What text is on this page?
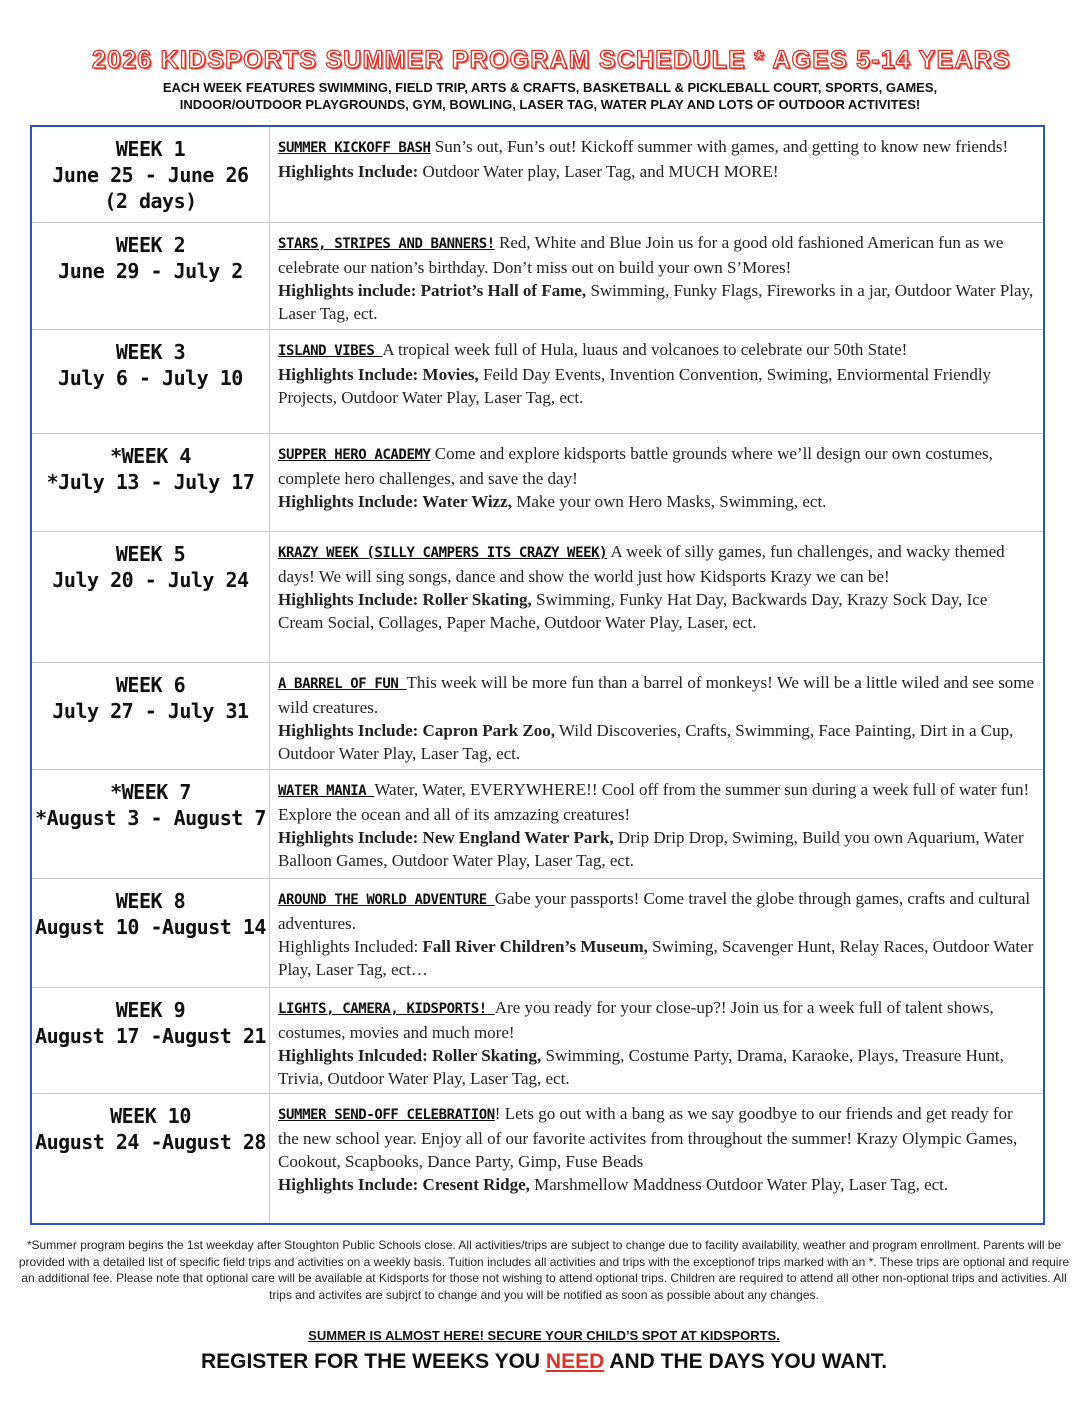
2026 KIDSPORTS SUMMER PROGRAM SCHEDULE * AGES 5-14 YEARS
EACH WEEK FEATURES SWIMMING, FIELD TRIP, ARTS & CRAFTS, BASKETBALL & PICKLEBALL COURT, SPORTS, GAMES,
INDOOR/OUTDOOR PLAYGROUNDS, GYM, BOWLING, LASER TAG, WATER PLAY AND LOTS OF OUTDOOR ACTIVITES!
WEEK 1
June 25 - June 26
(2 days)
SUMMER KICKOFF BASH Sun’s out, Fun’s out! Kickoff summer with games, and getting to know new friends!
Highlights Include: Outdoor Water play, Laser Tag, and MUCH MORE!
WEEK 2
June 29 - July 2
STARS, STRIPES AND BANNERS! Red, White and Blue Join us for a good old fashioned American fun as we celebrate our nation’s birthday. Don’t miss out on build your own S’Mores!
Highlights include: Patriot’s Hall of Fame, Swimming, Funky Flags, Fireworks in a jar, Outdoor Water Play, Laser Tag, ect.
WEEK 3
July 6 - July 10
ISLAND VIBES A tropical week full of Hula, luaus and volcanoes to celebrate our 50th State!
Highlights Include: Movies, Feild Day Events, Invention Convention, Swiming, Enviormental Friendly Projects, Outdoor Water Play, Laser Tag, ect.
*WEEK 4
*July 13 - July 17
SUPPER HERO ACADEMY Come and explore kidsports battle grounds where we’ll design our own costumes, complete hero challenges, and save the day!
Highlights Include: Water Wizz, Make your own Hero Masks, Swimming, ect.
WEEK 5
July 20 - July 24
KRAZY WEEK (SILLY CAMPERS ITS CRAZY WEEK) A week of silly games, fun challenges, and wacky themed days! We will sing songs, dance and show the world just how Kidsports Krazy we can be!
Highlights Include: Roller Skating, Swimming, Funky Hat Day, Backwards Day, Krazy Sock Day, Ice Cream Social, Collages, Paper Mache, Outdoor Water Play, Laser, ect.
WEEK 6
July 27 - July 31
A BARREL OF FUN This week will be more fun than a barrel of monkeys! We will be a little wiled and see some wild creatures.
Highlights Include: Capron Park Zoo, Wild Discoveries, Crafts, Swimming, Face Painting, Dirt in a Cup, Outdoor Water Play, Laser Tag, ect.
*WEEK 7
*August 3 - August 7
WATER MANIA Water, Water, EVERYWHERE!! Cool off from the summer sun during a week full of water fun! Explore the ocean and all of its amzazing creatures!
Highlights Include: New England Water Park, Drip Drip Drop, Swiming, Build you own Aquarium, Water Balloon Games, Outdoor Water Play, Laser Tag, ect.
WEEK 8
August 10 -August 14
AROUND THE WORLD ADVENTURE Gabe your passports! Come travel the globe through games, crafts and cultural adventures.
Highlights Included: Fall River Children’s Museum, Swiming, Scavenger Hunt, Relay Races, Outdoor Water Play, Laser Tag, ect…
WEEK 9
August 17 -August 21
LIGHTS, CAMERA, KIDSPORTS! Are you ready for your close-up?! Join us for a week full of talent shows, costumes, movies and much more!
Highlights Inlcuded: Roller Skating, Swimming, Costume Party, Drama, Karaoke, Plays, Treasure Hunt, Trivia, Outdoor Water Play, Laser Tag, ect.
WEEK 10
August 24 -August 28
SUMMER SEND-OFF CELEBRATION! Lets go out with a bang as we say goodbye to our friends and get ready for the new school year. Enjoy all of our favorite activites from throughout the summer! Krazy Olympic Games, Cookout, Scapbooks, Dance Party, Gimp, Fuse Beads
Highlights Include: Cresent Ridge, Marshmellow Maddness Outdoor Water Play, Laser Tag, ect.

*Summer program begins the 1st weekday after Stoughton Public Schools close. All activities/trips are subject to change due to facility availability, weather and program enrollment. Parents will be provided with a detailed list of specific field trips and activities on a weekly basis. Tuition includes all activities and trips with the exceptionof trips marked with an *. These trips are optional and require an additional fee. Please note that optional care will be available at Kidsports for those not wishing to attend optional trips. Children are required to attend all other non-optional trips and activities. All trips and activites are subjrct to change and you will be notified as soon as possible about any changes.

SUMMER IS ALMOST HERE! SECURE YOUR CHILD’S SPOT AT KIDSPORTS.
REGISTER FOR THE WEEKS YOU NEED AND THE DAYS YOU WANT.
